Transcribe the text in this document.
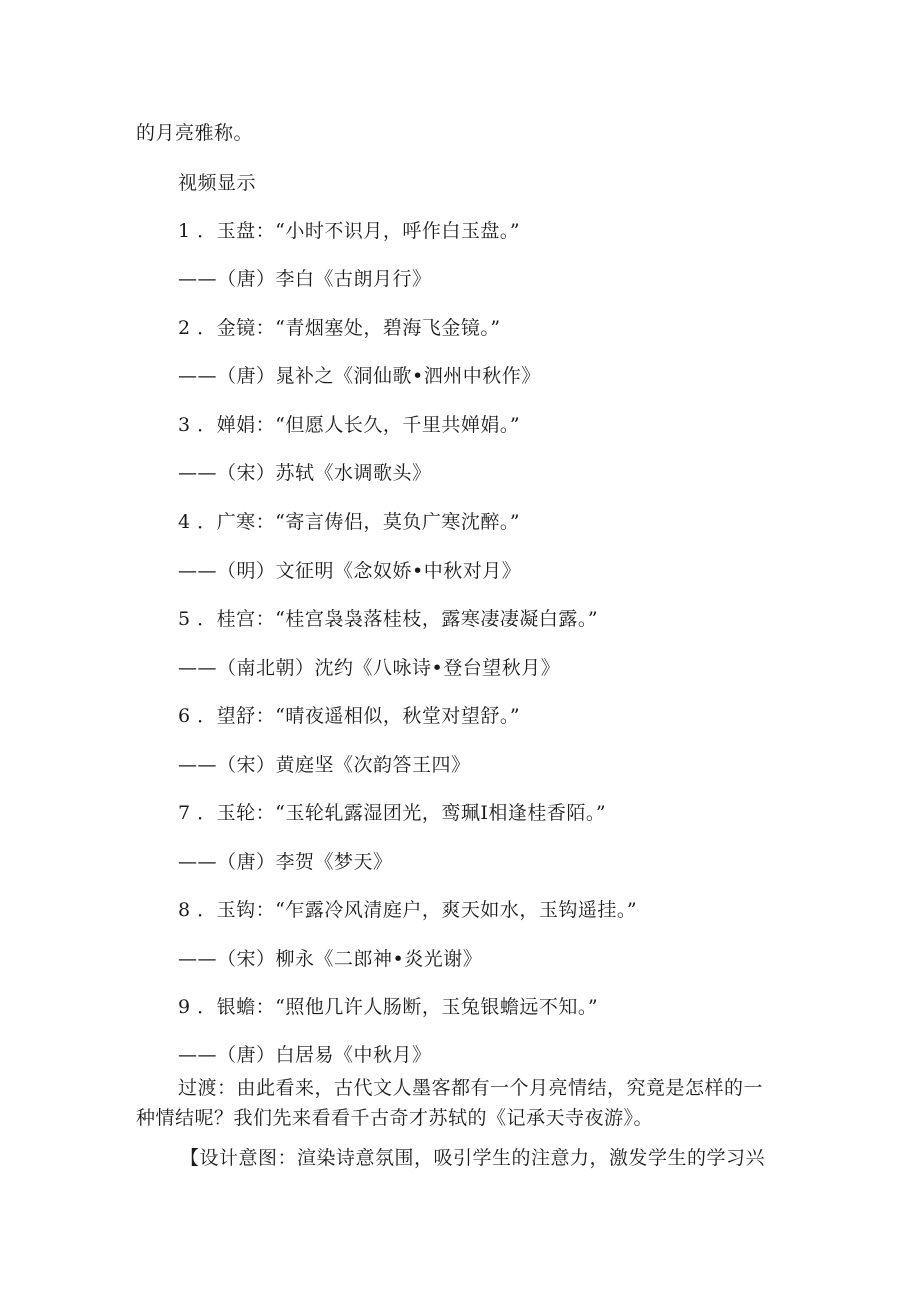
的月亮雅称。
视频显示
1 ．玉盘：“小时不识月，呼作白玉盘。”
——（唐）李白《古朗月行》
2 ．金镜：“青烟塞处，碧海飞金镜。”
——（唐）晁补之《洞仙歌•泗州中秋作》
3 ．婵娟：“但愿人长久，千里共婵娟。”
——（宋）苏轼《水调歌头》
4 ．广寒：“寄言俦侣，莫负广寒沈醉。”
——（明）文征明《念奴娇•中秋对月》
5 ．桂宫：“桂宫袅袅落桂枝，露寒凄凄凝白露。”
——（南北朝）沈约《八咏诗•登台望秋月》
6 ．望舒：“晴夜遥相似，秋堂对望舒。”
——（宋）黄庭坚《次韵答王四》
7 ．玉轮：“玉轮轧露湿团光，鸾珮I相逢桂香陌。”
——（唐）李贺《梦天》
8 ．玉钩：“乍露冷风清庭户，爽天如水，玉钩遥挂。”
——（宋）柳永《二郎神•炎光谢》
9 ．银蟾：“照他几许人肠断，玉兔银蟾远不知。”
——（唐）白居易《中秋月》
过渡：由此看来，古代文人墨客都有一个月亮情结，究竟是怎样的一
种情结呢？我们先来看看千古奇才苏轼的《记承天寺夜游》。
【设计意图：渲染诗意氛围，吸引学生的注意力，激发学生的学习兴
